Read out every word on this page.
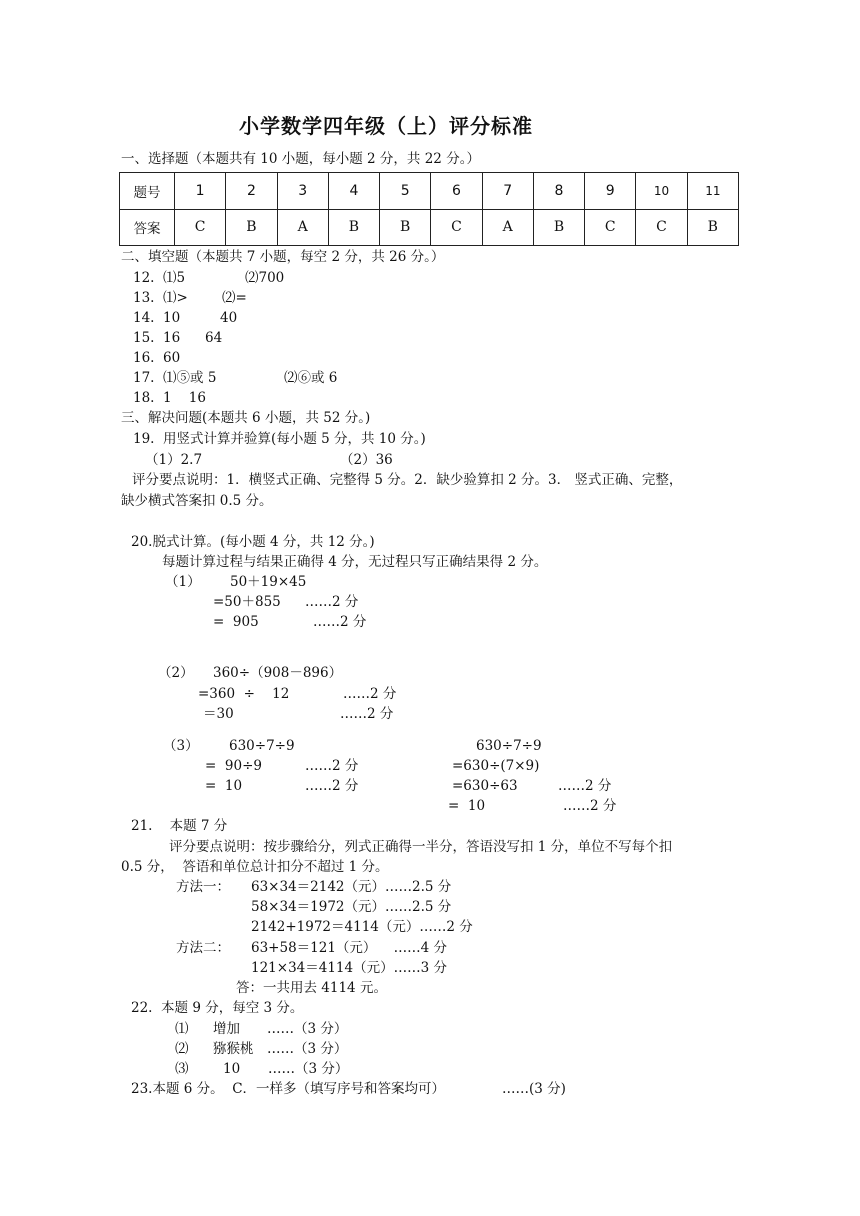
小学数学四年级（上）评分标准
一、选择题（本题共有 10 小题，每小题 2 分，共 22 分。）
题号	1	2	3	4	5	6	7	8	9	10	11
答案	C	B	A	B	B	C	A	B	C	C	B
二、填空题（本题共 7 小题，每空 2 分，共 26 分。）
12.  ⑴5	⑵700
13.  ⑴>	⑵=
14.  10	40
15.  16 64
16.  60
17.  ⑴⑤或 5	⑵⑥或 6
18.  1    16
三、解决问题(本题共 6 小题，共 52 分。)
19.  用竖式计算并验算(每小题 5 分，共 10 分。)
（1）2.7	（2）36
评分要点说明：1．横竖式正确、完整得 5 分。2．缺少验算扣 2 分。3． 竖式正确、完整，
缺少横式答案扣 0.5 分。
20.脱式计算。(每小题 4 分，共 12 分。)
每题计算过程与结果正确得 4 分，无过程只写正确结果得 2 分。
（1） 50＋19×45
=50＋855 ……2 分
=  905	……2 分
（2） 360÷（908－896）
=360  ÷    12	……2 分
＝30	……2 分
（3） 630÷7÷9
=  90÷9	……2 分
=  10	……2 分
630÷7÷9
=630÷(7×9)
=630÷63	……2 分
=  10	……2 分
21.    本题 7 分
评分要点说明：按步骤给分，列式正确得一半分，答语没写扣 1 分，单位不写每个扣
0.5 分，  答语和单位总计扣分不超过 1 分。
方法一： 63×34＝2142（元）……2.5 分
58×34＝1972（元）……2.5 分
2142+1972＝4114（元）……2 分
方法二： 63+58＝121（元）    ……4 分
121×34＝4114（元）……3 分
答：一共用去 4114 元。
22.  本题 9 分，每空 3 分。
⑴ 增加 ……（3 分）
⑵ 猕猴桃 ……（3 分）
⑶	10 ……（3 分）
23.本题 6 分。  C．一样多（填写序号和答案均可）	……(3 分)
